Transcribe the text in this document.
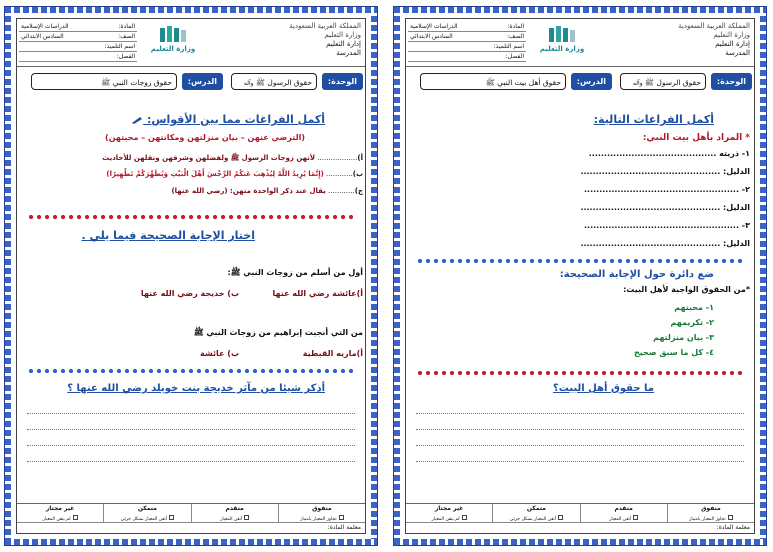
المادة:
الدراسات الإسلامية
الصف:
السادس الابتدائي
اسم التلميذ:
الفصل:
وزارة التعليم
المملكة العربية السعودية
وزارة التعليم
إدارة التعليم
المدرسة
الوحدة:
حقوق الرسول ﷺ وآله
الدرس:
حقوق أهل بيت النبي ﷺ
أكمل الفراغات التالية:
* المراد بأهل بيت النبي:
١- ذريته ..........................................
الدليل: ..............................................
٢- ...................................................
الدليل: ..............................................
٣- ...................................................
الدليل: ..............................................
ضع دائرة حول الإجابة الصحيحة:
*من الحقوق الواجبة لأهل البيت:
١- محبتهم
٢- تكريمهم
٣- بيان منزلتهم
٤- كل ما سبق صحيح
ما حقوق أهل البيت؟
متفوق
تجاوز المعيار بامتياز
متقدم
أتقن المعيار
متمكن
أتقن المعيار بشكل جزئي
غير مجتاز
لم يتقن المعيار
معلمة المادة:
المادة:
الدراسات الإسلامية
الصف:
السادس الابتدائي
اسم التلميذ:
الفصل:
وزارة التعليم
المملكة العربية السعودية
وزارة التعليم
إدارة التعليم
المدرسة
الوحدة:
حقوق الرسول ﷺ وآله
الدرس:
حقوق زوجات النبي ﷺ
أكمل الفراغات مما بين الأقواس:
(الترضي عنهن – بيان منزلتهن ومكانتهن – محبتهن)
أ).................. لأنهن زوجات الرسول ﷺ ولفضلهن وشرفهن ونقلهن للأحاديث
ب)............ (إِنَّمَا يُرِيدُ اللَّهُ لِيُذْهِبَ عَنكُمُ الرِّجْسَ أَهْلَ الْبَيْتِ وَيُطَهِّرَكُمْ تَطْهِيرًا)
ج)............ يقال عند ذكر الواحدة منهن: (رضي الله عنها)
اختار الإجابة الصحيحة فيما يلي .
أول من أسلم من زوجات النبي ﷺ:
أ)عائشة رضي الله عنها
ب) خديجة رضي الله عنها
من التي أنجبت إبراهيم من زوجات النبي ﷺ
أ)ماريه القبطية
ب) عائشة
أذكر شيئا من مآثر خديجة بنت خويلد رضي الله عنها ؟
متفوق
تجاوز المعيار بامتياز
متقدم
أتقن المعيار
متمكن
أتقن المعيار بشكل جزئي
غير مجتاز
لم يتقن المعيار
معلمة المادة:
